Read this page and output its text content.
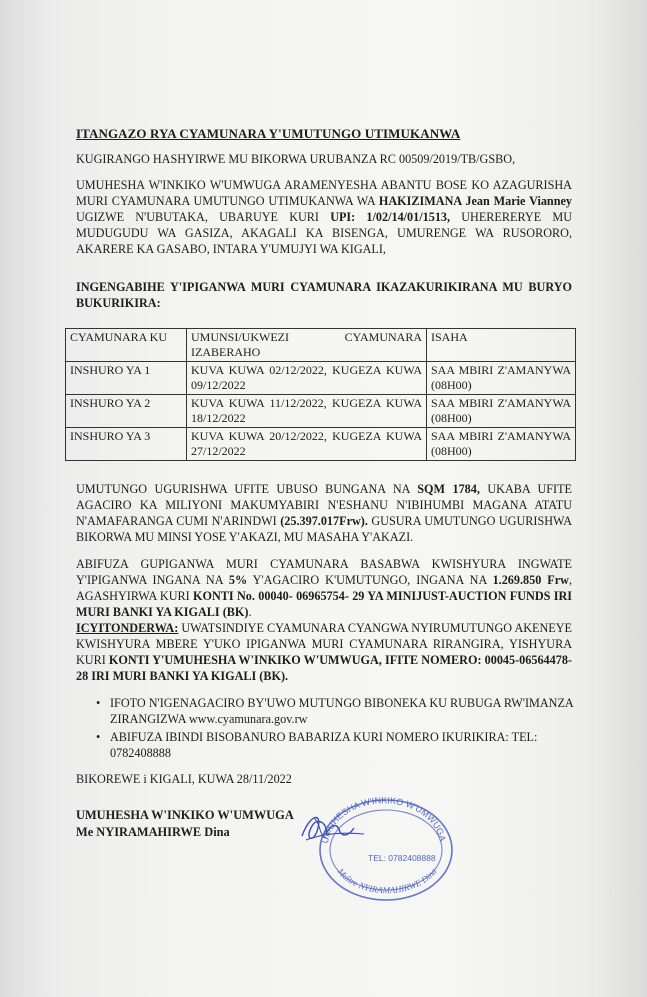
ITANGAZO RYA CYAMUNARA Y'UMUTUNGO UTIMUKANWA
KUGIRANGO HASHYIRWE MU BIKORWA URUBANZA RC 00509/2019/TB/GSBO,
UMUHESHA W'INKIKO W'UMWUGA ARAMENYESHA ABANTU BOSE KO AZAGURISHA MURI CYAMUNARA UMUTUNGO UTIMUKANWA WA HAKIZIMANA Jean Marie Vianney UGIZWE N'UBUTAKA, UBARUYE KURI UPI: 1/02/14/01/1513, UHERERERYE MU MUDUGUDU WA GASIZA, AKAGALI KA BISENGA, UMURENGE WA RUSORORO, AKARERE KA GASABO, INTARA Y'UMUJYI WA KIGALI,
INGENGABIHE Y'IPIGANWA MURI CYAMUNARA IKAZAKURIKIRANA MU BURYO BUKURIKIRA:
CYAMUNARA KU	UMUNSI/UKWEZI CYAMUNARA IZABERAHO	ISAHA
INSHURO YA 1	KUVA KUWA 02/12/2022, KUGEZA KUWA 09/12/2022	SAA MBIRI Z'AMANYWA (08H00)
INSHURO YA 2	KUVA KUWA 11/12/2022, KUGEZA KUWA 18/12/2022	SAA MBIRI Z'AMANYWA (08H00)
INSHURO YA 3	KUVA KUWA 20/12/2022, KUGEZA KUWA 27/12/2022	SAA MBIRI Z'AMANYWA (08H00)
UMUTUNGO UGURISHWA UFITE UBUSO BUNGANA NA SQM 1784, UKABA UFITE AGACIRO KA MILIYONI MAKUMYABIRI N'ESHANU N'IBIHUMBI MAGANA ATATU N'AMAFARANGA CUMI N'ARINDWI (25.397.017Frw). GUSURA UMUTUNGO UGURISHWA BIKORWA MU MINSI YOSE Y'AKAZI, MU MASAHA Y'AKAZI.
ABIFUZA GUPIGANWA MURI CYAMUNARA BASABWA KWISHYURA INGWATE Y'IPIGANWA INGANA NA 5% Y'AGACIRO K'UMUTUNGO, INGANA NA 1.269.850 Frw, AGASHYIRWA KURI KONTI No. 00040- 06965754- 29 YA MINIJUST-AUCTION FUNDS IRI MURI BANKI YA KIGALI (BK).
ICYITONDERWA: UWATSINDIYE CYAMUNARA CYANGWA NYIRUMUTUNGO AKENEYE KWISHYURA MBERE Y'UKO IPIGANWA MURI CYAMUNARA RIRANGIRA, YISHYURA KURI KONTI Y'UMUHESHA W'INKIKO W'UMWUGA, IFITE NOMERO: 00045-06564478-28 IRI MURI BANKI YA KIGALI (BK).
• IFOTO N'IGENAGACIRO BY'UWO MUTUNGO BIBONEKA KU RUBUGA RW'IMANZA ZIRANGIZWA www.cyamunara.gov.rw
• ABIFUZA IBINDI BISOBANURO BABARIZA KURI NOMERO IKURIKIRA: TEL: 0782408888
BIKOREWE i KIGALI, KUWA 28/11/2022
UMUHESHA W'INKIKO W'UMWUGA
Me NYIRAMAHIRWE Dina
UMUHESHA W'INKIKO W'UMWUGA
TEL: 0782408888
Maître NYIRAMAHIRWE Dina
